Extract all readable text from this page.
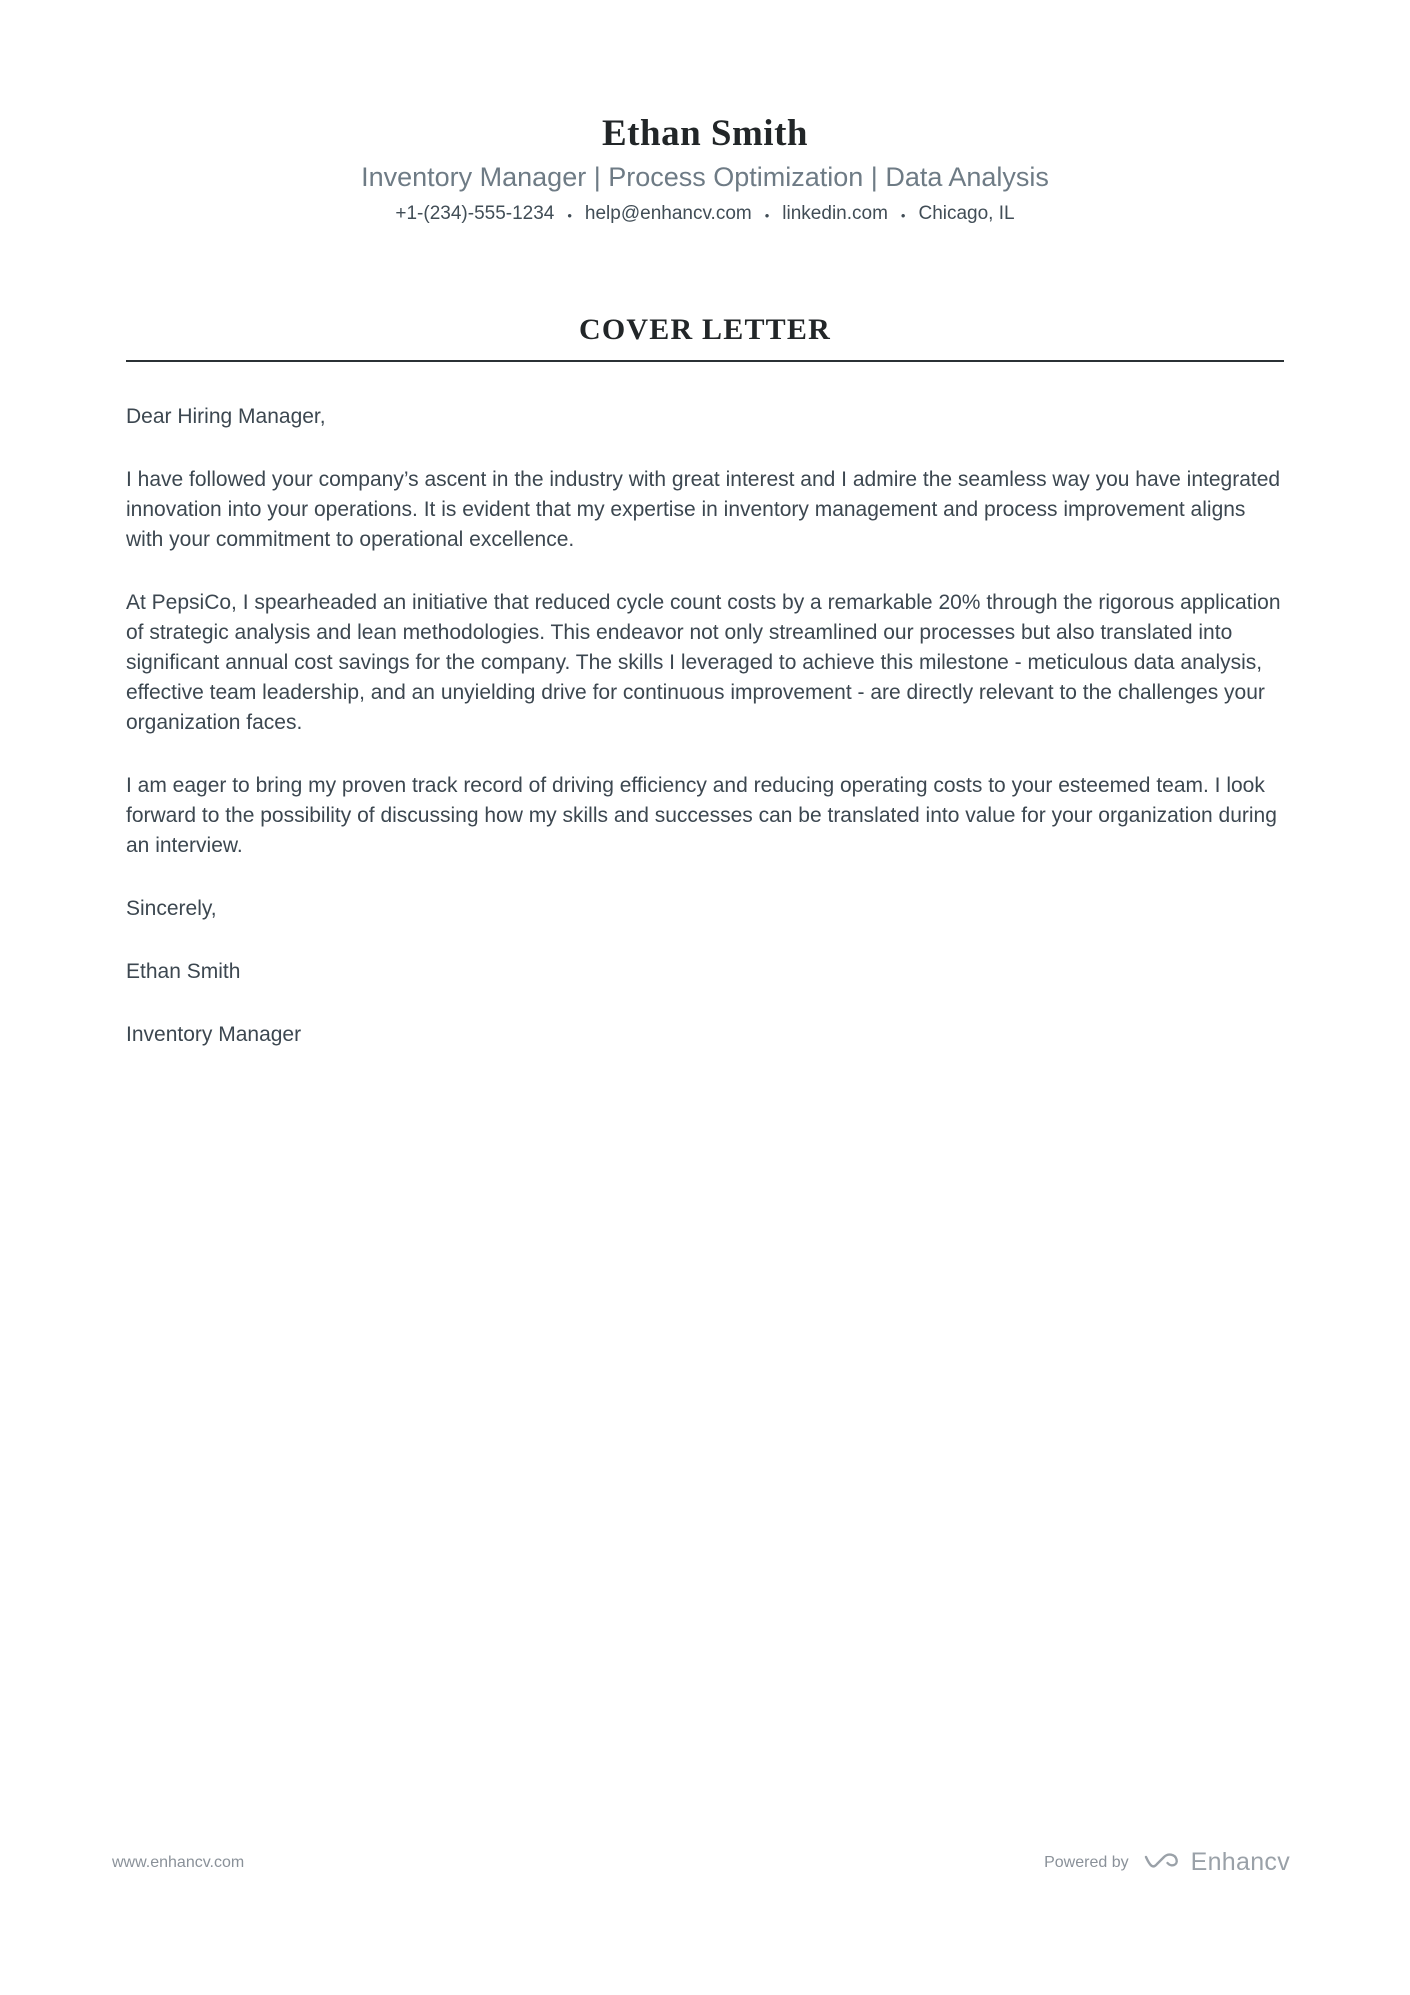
Ethan Smith
Inventory Manager | Process Optimization | Data Analysis
+1-(234)-555-1234 • help@enhancv.com • linkedin.com • Chicago, IL
COVER LETTER

Dear Hiring Manager,

I have followed your company’s ascent in the industry with great interest and I admire the seamless way you have integrated innovation into your operations. It is evident that my expertise in inventory management and process improvement aligns with your commitment to operational excellence.

At PepsiCo, I spearheaded an initiative that reduced cycle count costs by a remarkable 20% through the rigorous application of strategic analysis and lean methodologies. This endeavor not only streamlined our processes but also translated into significant annual cost savings for the company. The skills I leveraged to achieve this milestone - meticulous data analysis, effective team leadership, and an unyielding drive for continuous improvement - are directly relevant to the challenges your organization faces.

I am eager to bring my proven track record of driving efficiency and reducing operating costs to your esteemed team. I look forward to the possibility of discussing how my skills and successes can be translated into value for your organization during an interview.

Sincerely,

Ethan Smith

Inventory Manager

www.enhancv.com	Powered by Enhancv
